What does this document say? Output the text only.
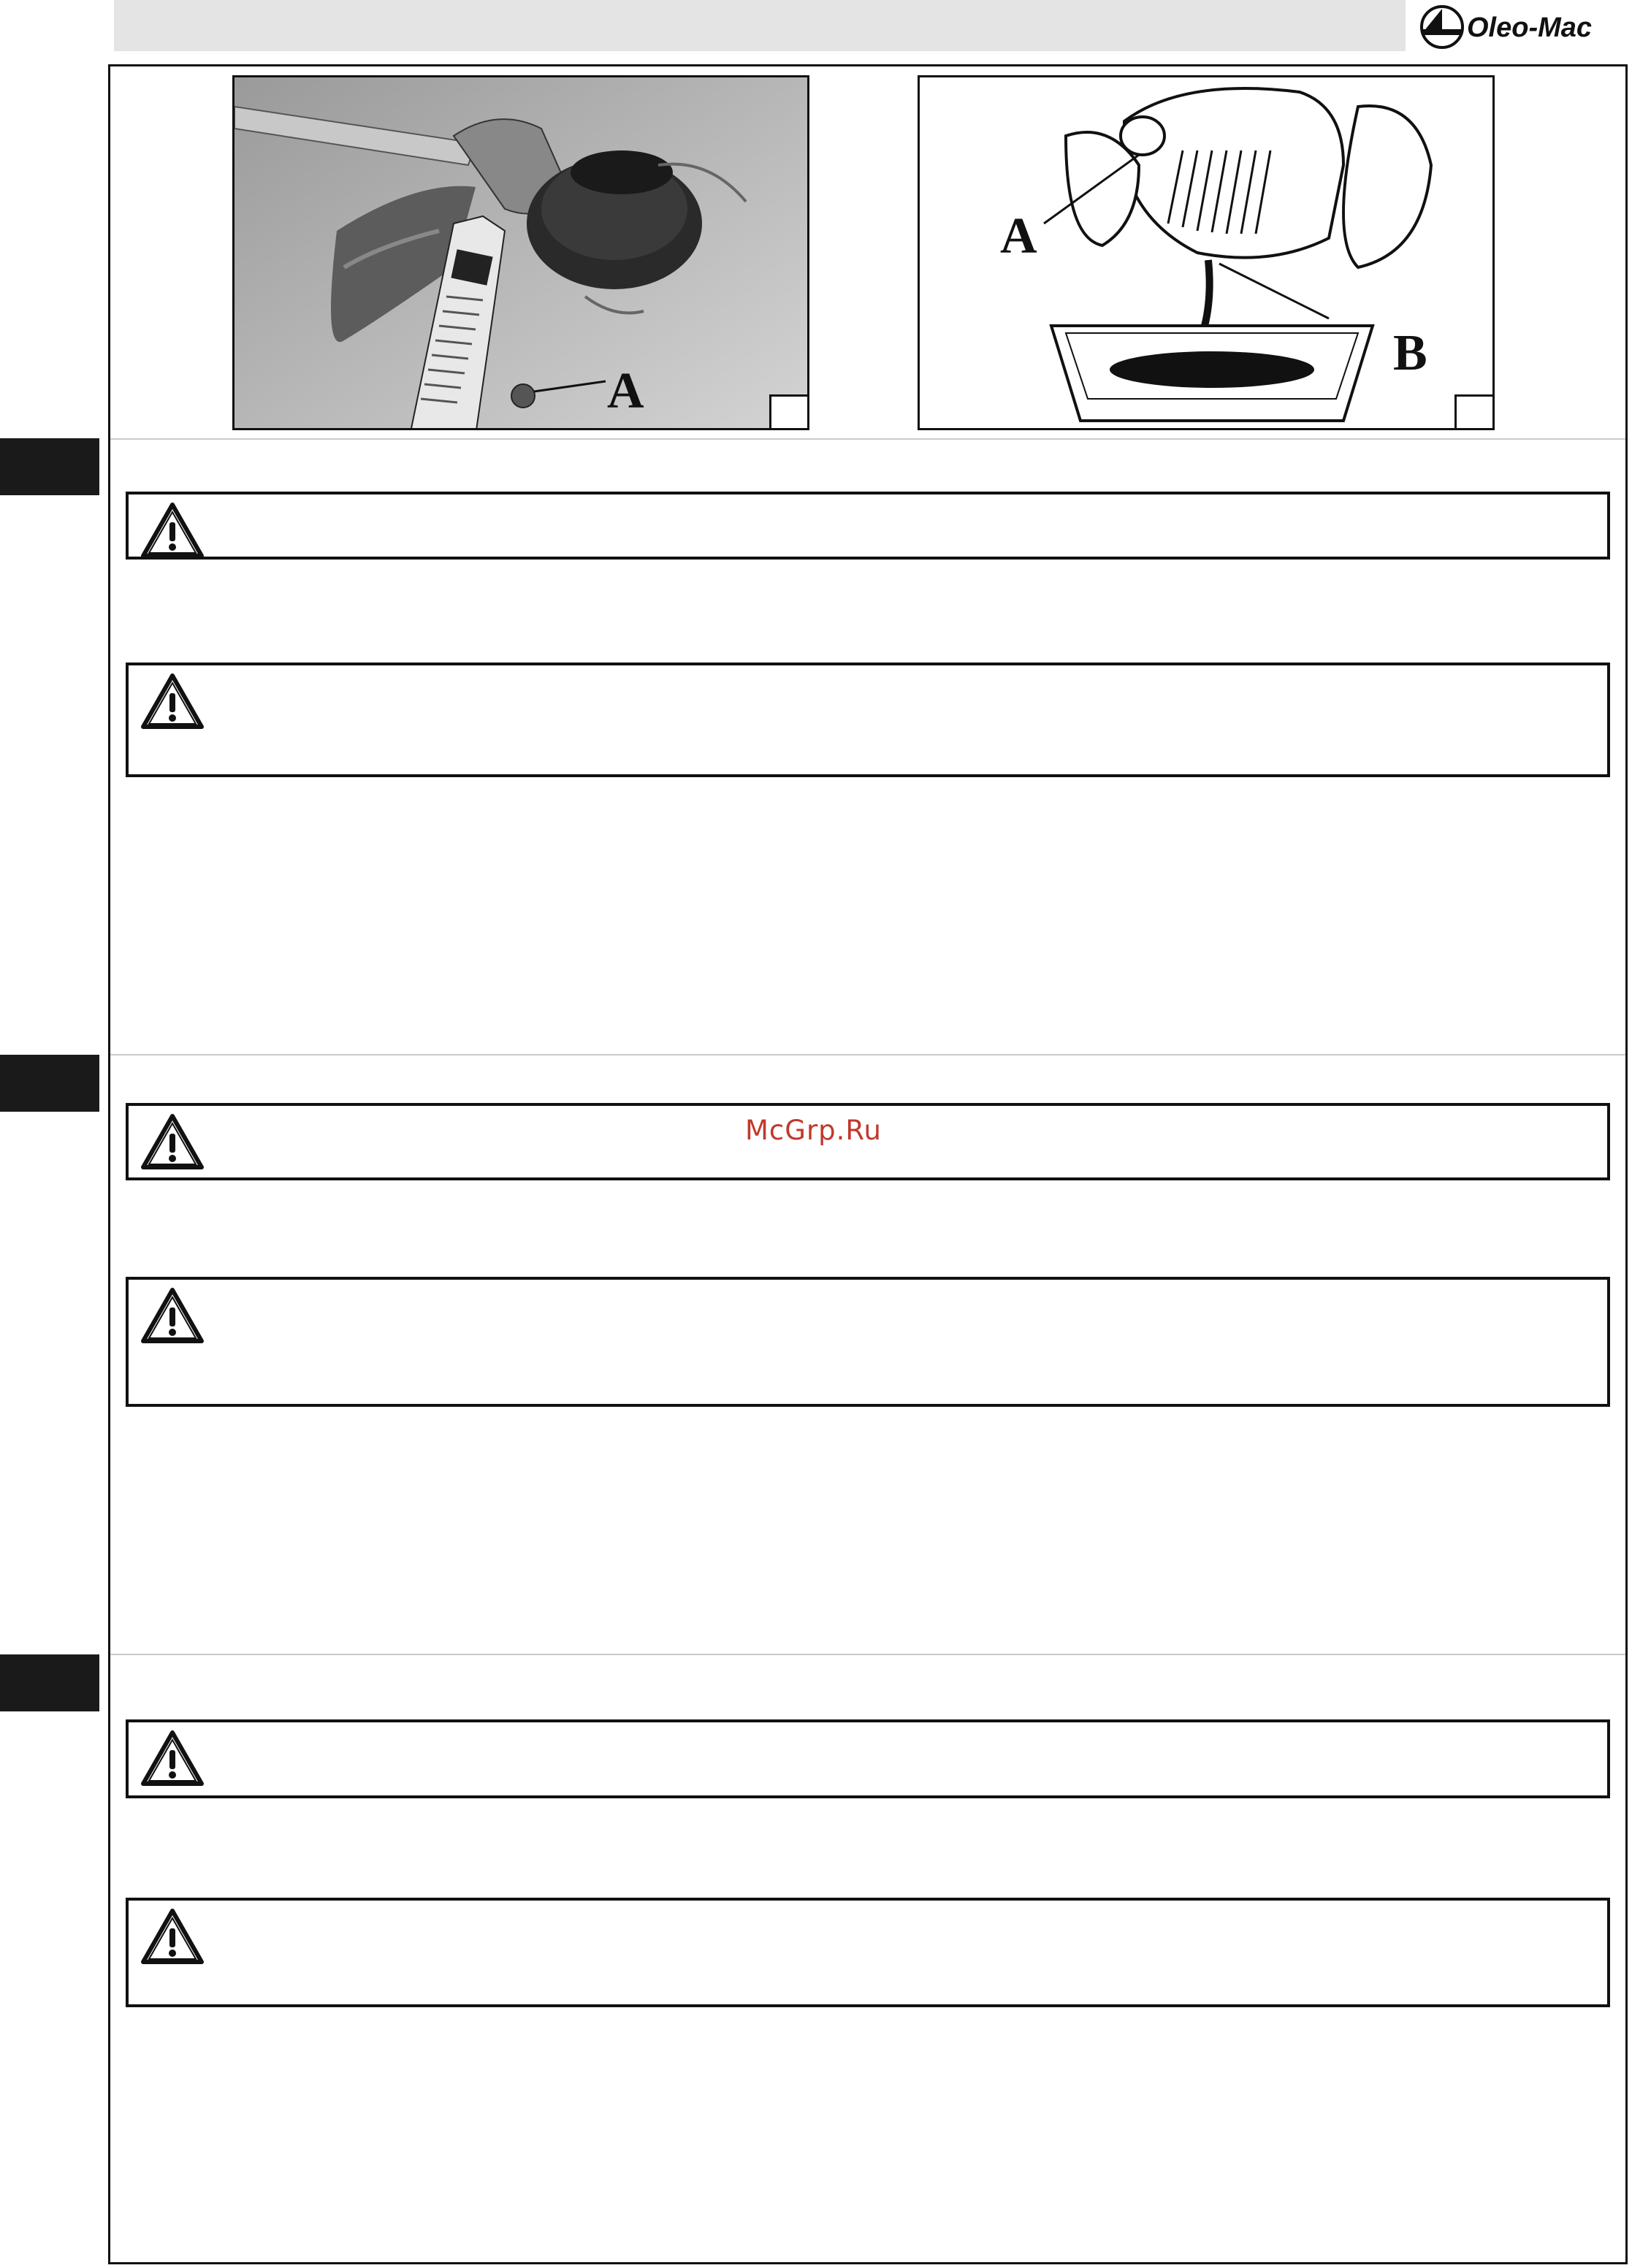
Oleo-Mac
A
A
B
McGrp.Ru
